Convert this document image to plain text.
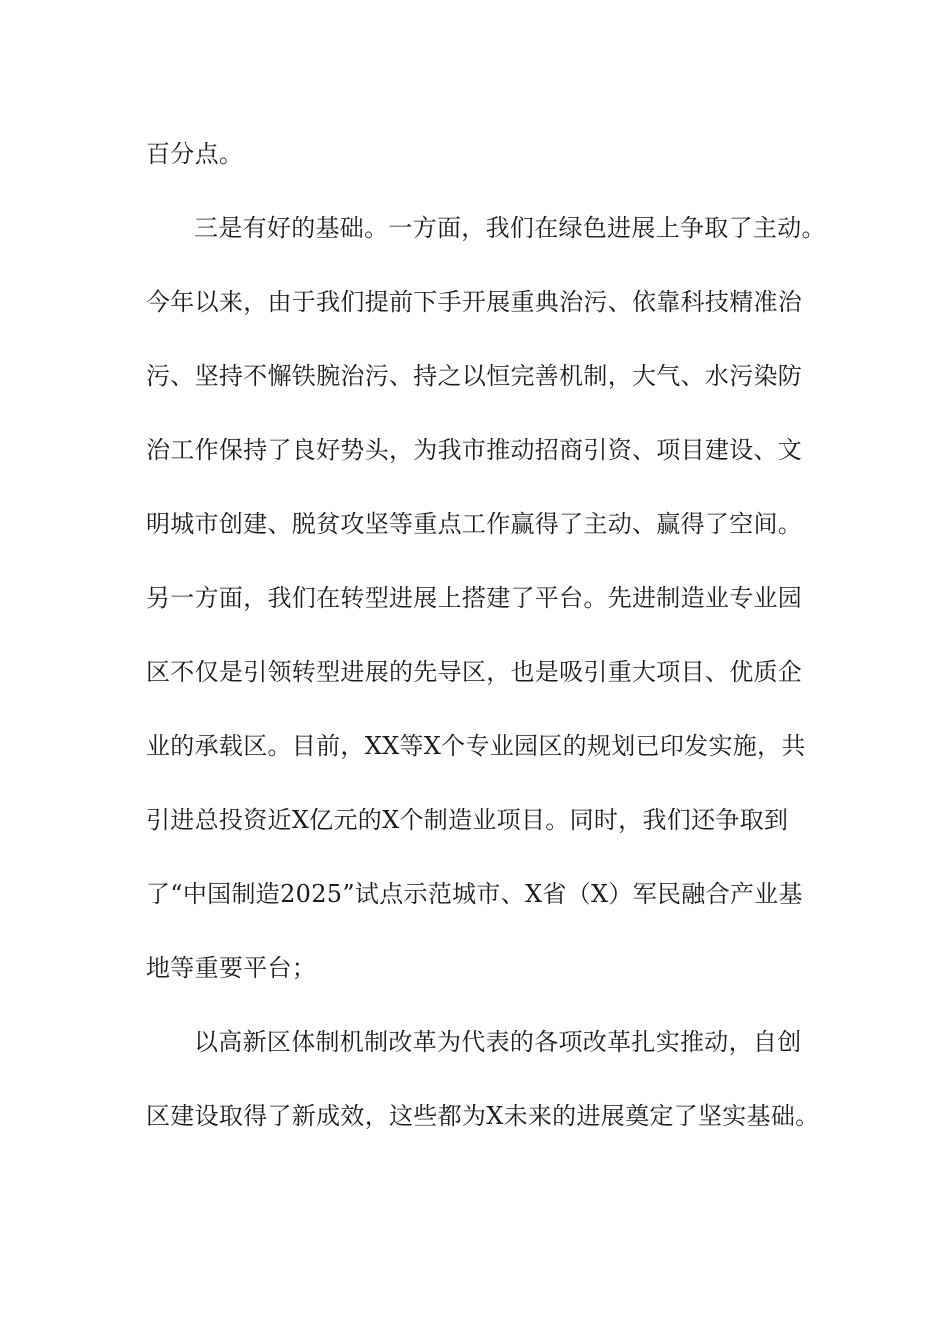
百分点。
三是有好的基础。一方面，我们在绿色进展上争取了主动。
今年以来，由于我们提前下手开展重典治污、依靠科技精准治
污、坚持不懈铁腕治污、持之以恒完善机制，大气、水污染防
治工作保持了良好势头，为我市推动招商引资、项目建设、文
明城市创建、脱贫攻坚等重点工作赢得了主动、赢得了空间。
另一方面，我们在转型进展上搭建了平台。先进制造业专业园
区不仅是引领转型进展的先导区，也是吸引重大项目、优质企
业的承载区。目前，XX等X个专业园区的规划已印发实施，共
引进总投资近X亿元的X个制造业项目。同时，我们还争取到
了“中国制造2025”试点示范城市、X省（X）军民融合产业基
地等重要平台；
以高新区体制机制改革为代表的各项改革扎实推动，自创
区建设取得了新成效，这些都为X未来的进展奠定了坚实基础。
